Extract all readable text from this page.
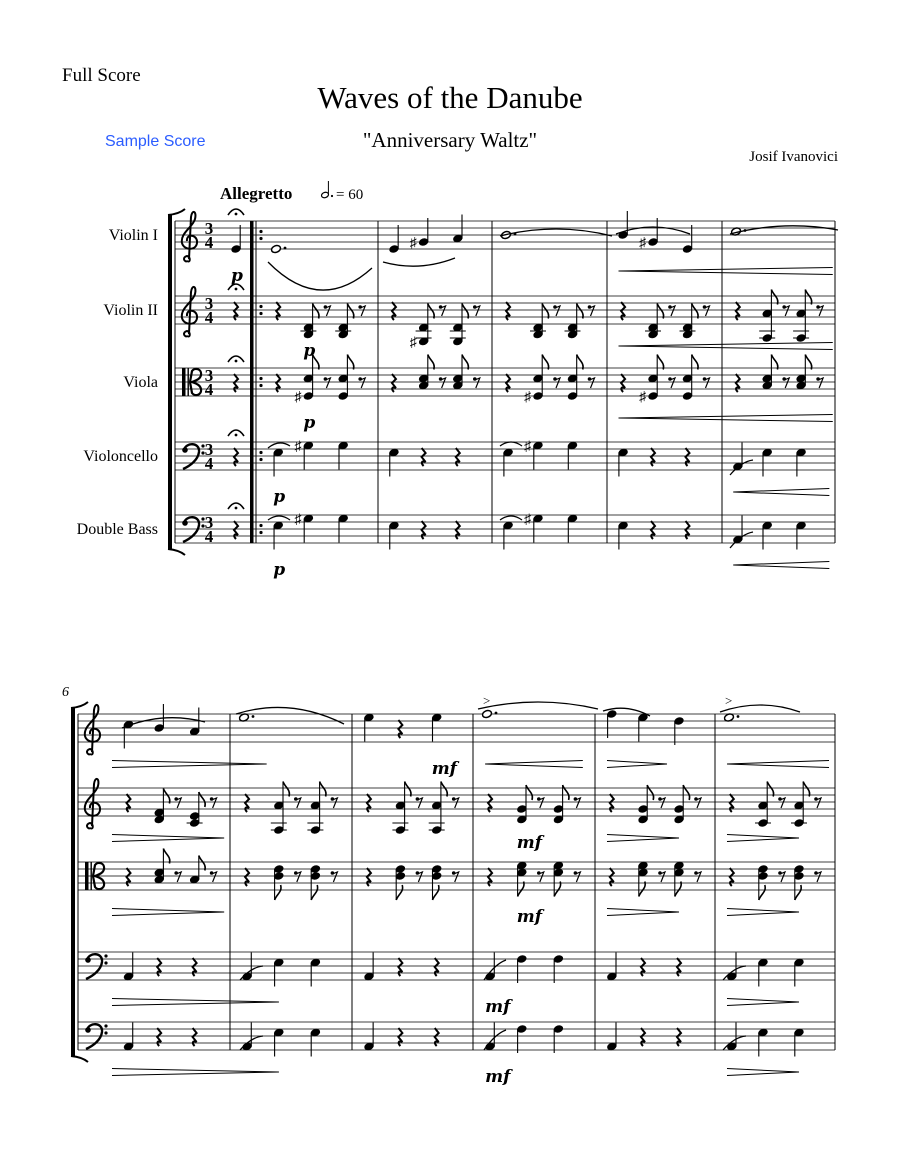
Full Score
Waves of the Danube
"Anniversary Waltz"
Sample Score
Josif Ivanovici
Allegretto	= 60
6
Violin I	3
4
Violin II	3
4
Viola	3
4
Violoncello	3
4
Double Bass	3
4
♯	♯
>	>
♯
♯	♯	♯
♯	♯
♯	♯
p
p
p
p
p
mf
mf
mf
mf
mf
